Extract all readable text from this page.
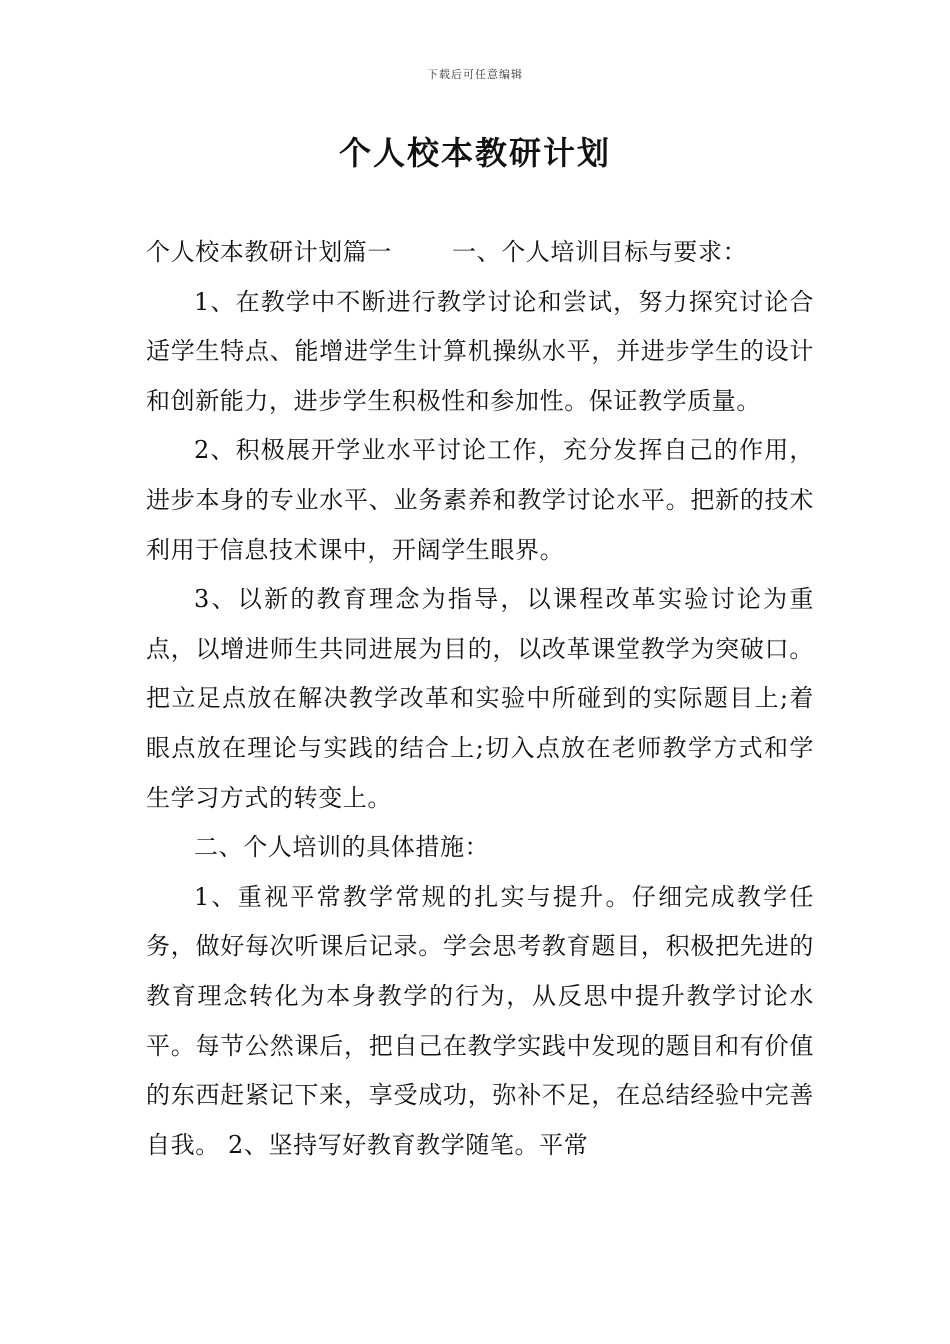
下载后可任意编辑
个人校本教研计划

个人校本教研计划篇一	一、个人培训目标与要求：

1、在教学中不断进行教学讨论和尝试，努力探究讨论合适学生特点、能增进学生计算机操纵水平，并进步学生的设计和创新能力，进步学生积极性和参加性。保证教学质量。

2、积极展开学业水平讨论工作，充分发挥自己的作用，进步本身的专业水平、业务素养和教学讨论水平。把新的技术利用于信息技术课中，开阔学生眼界。

3、以新的教育理念为指导，以课程改革实验讨论为重点，以增进师生共同进展为目的，以改革课堂教学为突破口。把立足点放在解决教学改革和实验中所碰到的实际题目上;着眼点放在理论与实践的结合上;切入点放在老师教学方式和学生学习方式的转变上。

二、个人培训的具体措施：

1、重视平常教学常规的扎实与提升。仔细完成教学任务，做好每次听课后记录。学会思考教育题目，积极把先进的教育理念转化为本身教学的行为，从反思中提升教学讨论水平。每节公然课后，把自己在教学实践中发现的题目和有价值的东西赶紧记下来，享受成功，弥补不足，在总结经验中完善自我。 2、坚持写好教育教学随笔。平常
